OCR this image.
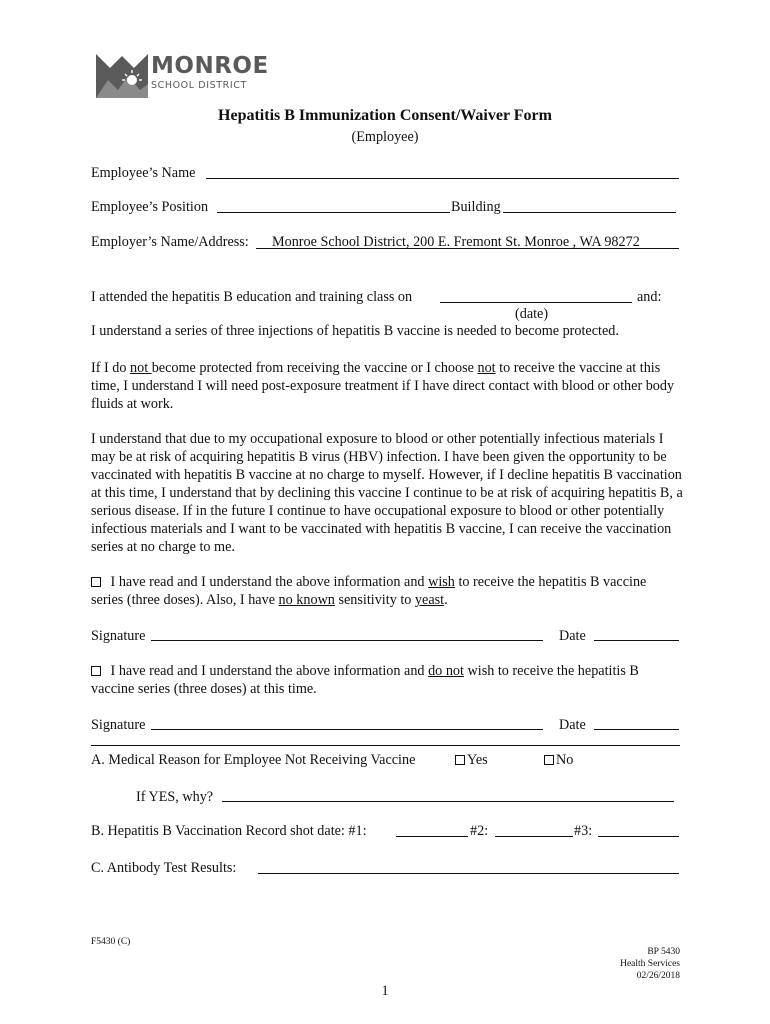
MONROE
SCHOOL DISTRICT
Hepatitis B Immunization Consent/Waiver Form
(Employee)
Employee’s Name
Employee’s Position	Building
Employer’s Name/Address: Monroe School District, 200 E. Fremont St. Monroe , WA 98272
I attended the hepatitis B education and training class on	and:
(date)
I understand a series of three injections of hepatitis B vaccine is needed to become protected.
If I do not become protected from receiving the vaccine or I choose not to receive the vaccine at this time, I understand I will need post-exposure treatment if I have direct contact with blood or other body fluids at work.
I understand that due to my occupational exposure to blood or other potentially infectious materials I may be at risk of acquiring hepatitis B virus (HBV) infection. I have been given the opportunity to be vaccinated with hepatitis B vaccine at no charge to myself. However, if I decline hepatitis B vaccination at this time, I understand that by declining this vaccine I continue to be at risk of acquiring hepatitis B, a serious disease. If in the future I continue to have occupational exposure to blood or other potentially infectious materials and I want to be vaccinated with hepatitis B vaccine, I can receive the vaccination series at no charge to me.
I have read and I understand the above information and wish to receive the hepatitis B vaccine series (three doses). Also, I have no known sensitivity to yeast.
Signature	Date
I have read and I understand the above information and do not wish to receive the hepatitis B vaccine series (three doses) at this time.
Signature	Date
A. Medical Reason for Employee Not Receiving Vaccine	Yes	No
If YES, why?
B. Hepatitis B Vaccination Record shot date: #1:	#2:	#3:
C. Antibody Test Results:
F5430 (C)
BP 5430
Health Services
02/26/2018
1
